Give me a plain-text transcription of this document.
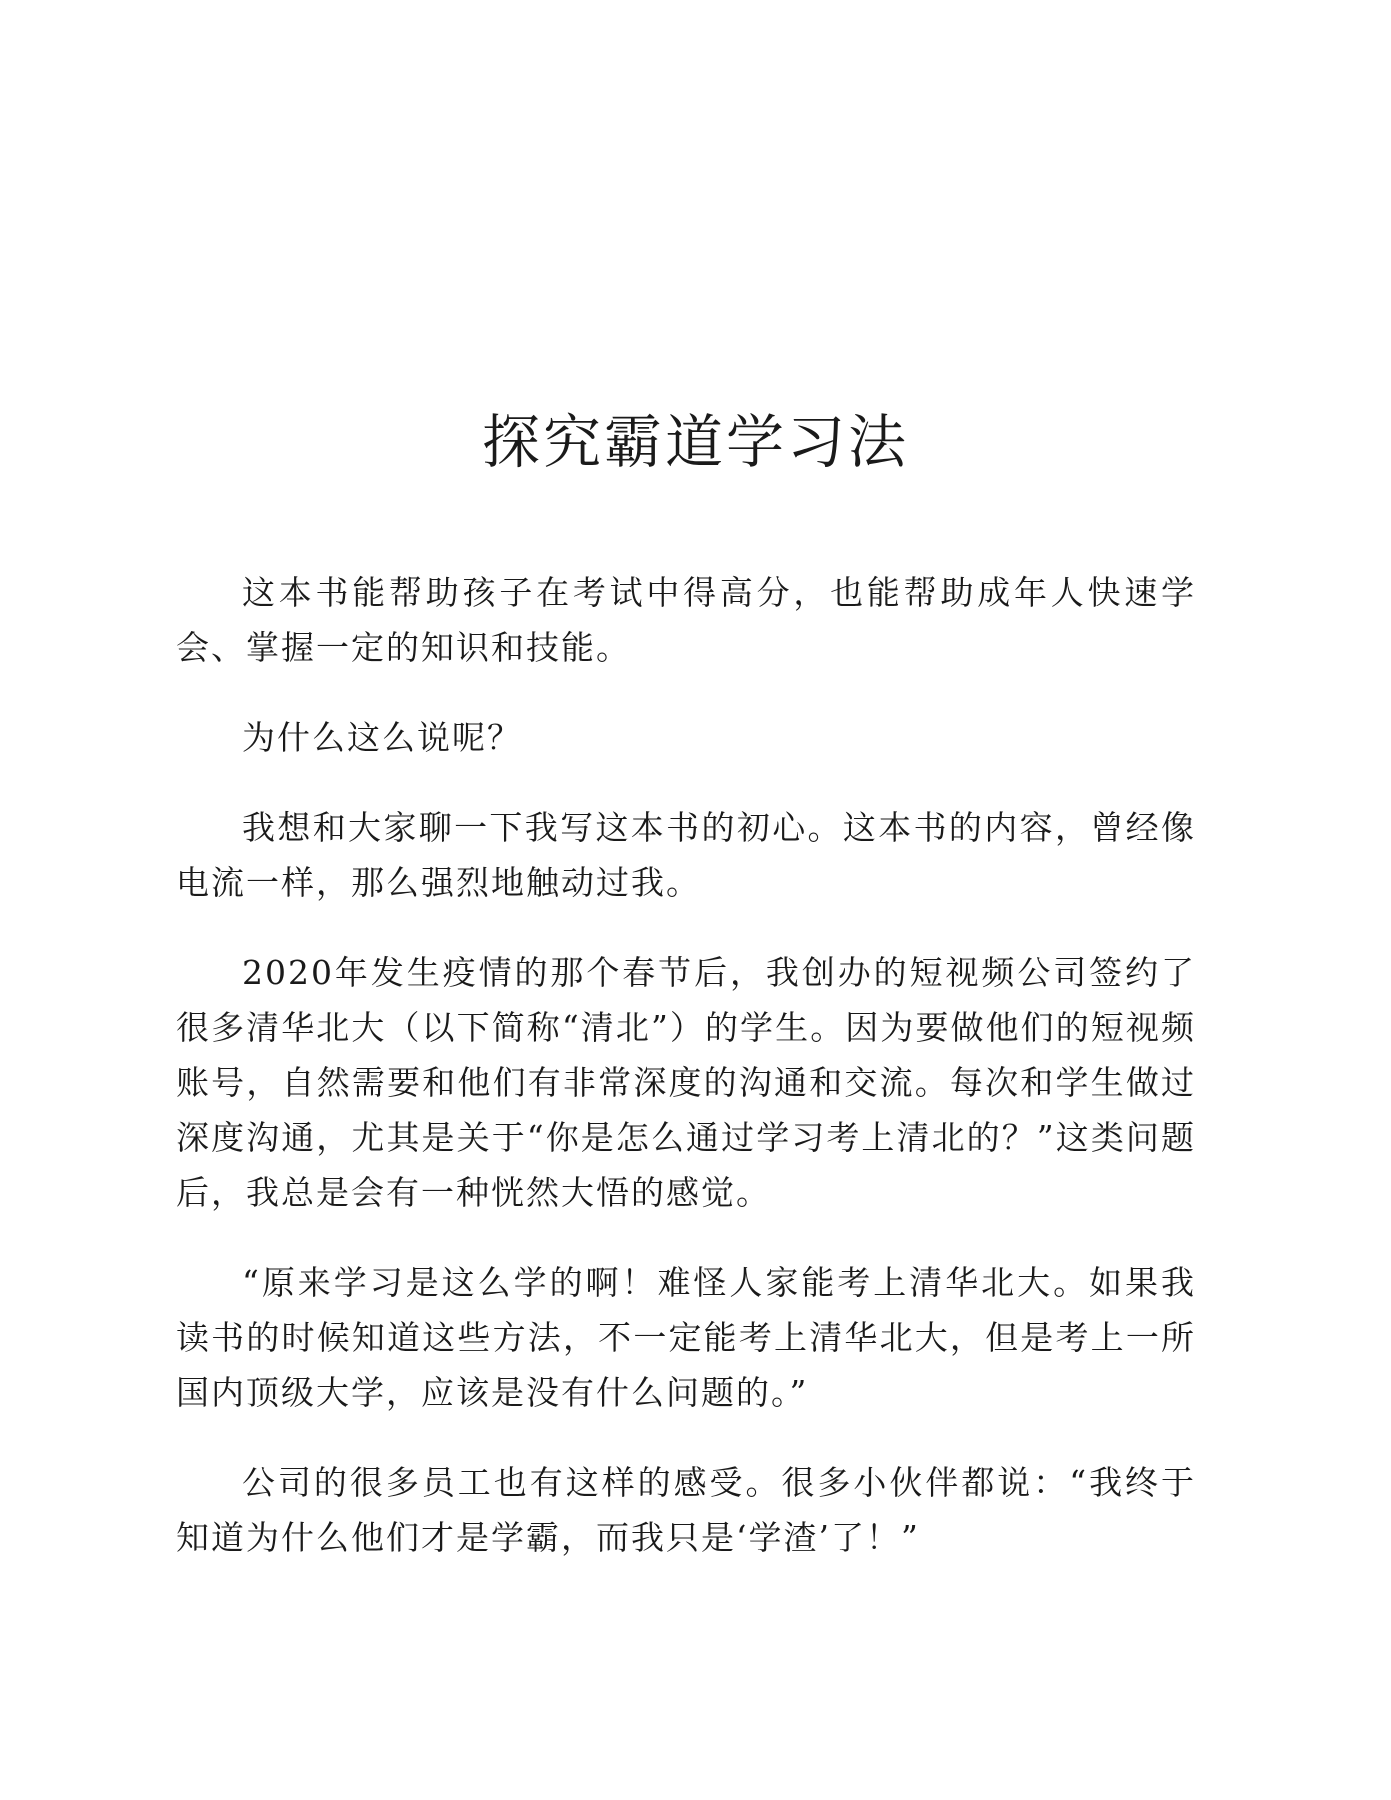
探究霸道学习法

这本书能帮助孩子在考试中得高分，也能帮助成年人快速学会、掌握一定的知识和技能。

为什么这么说呢？

我想和大家聊一下我写这本书的初心。这本书的内容，曾经像电流一样，那么强烈地触动过我。

2020年发生疫情的那个春节后，我创办的短视频公司签约了很多清华北大（以下简称“清北”）的学生。因为要做他们的短视频账号，自然需要和他们有非常深度的沟通和交流。每次和学生做过深度沟通，尤其是关于“你是怎么通过学习考上清北的？”这类问题后，我总是会有一种恍然大悟的感觉。

“原来学习是这么学的啊！难怪人家能考上清华北大。如果我读书的时候知道这些方法，不一定能考上清华北大，但是考上一所国内顶级大学，应该是没有什么问题的。”

公司的很多员工也有这样的感受。很多小伙伴都说：“我终于知道为什么他们才是学霸，而我只是‘学渣’了！”
